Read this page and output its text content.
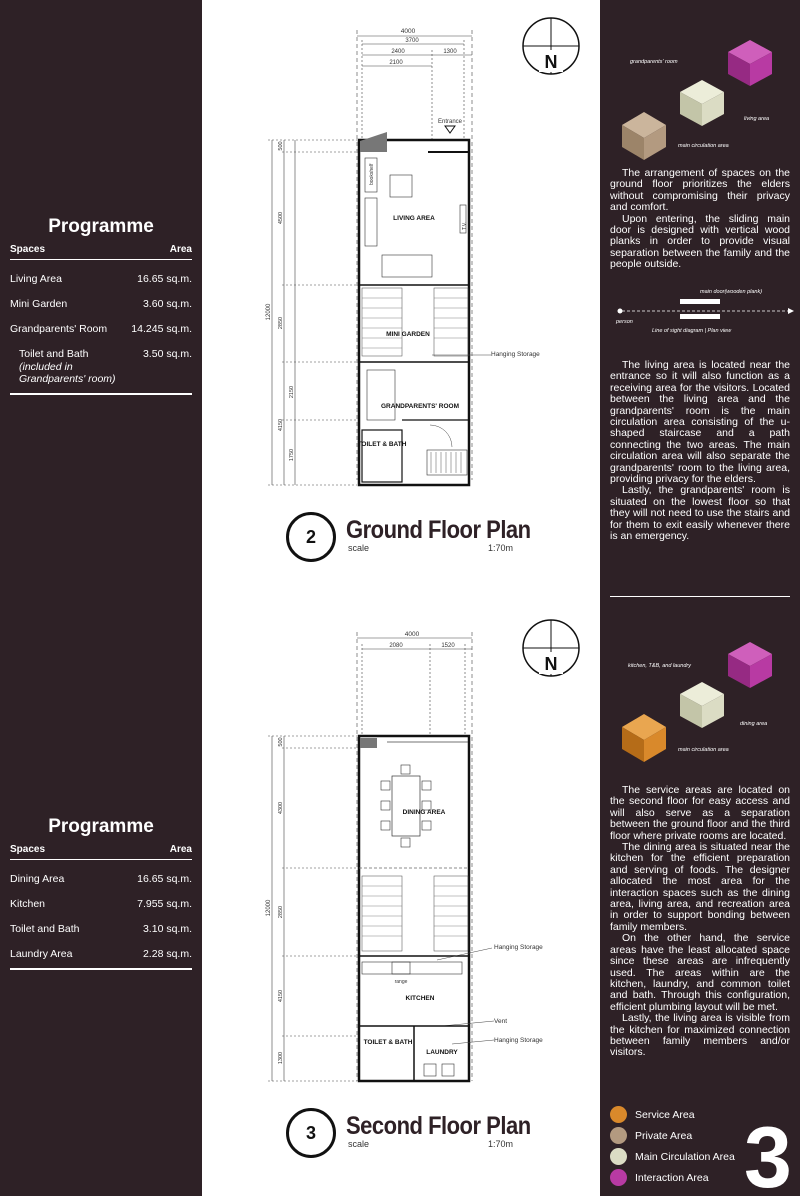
Programme
Spaces	Area
Living Area	16.65 sq.m.
Mini Garden	3.60 sq.m.
Grandparents' Room 14.245 sq.m.
Toilet and Bath	3.50 sq.m.
(included in Grandparents' room)
Programme
Spaces	Area
Dining Area	16.65 sq.m.
Kitchen	7.955 sq.m.
Toilet and Bath	3.10 sq.m.
Laundry Area	2.28 sq.m.
4000
3700
2400	1300
2100
12000
500
4500
2850
2150
4150
1750
Entrance
bookshelf
T.V.
LIVING AREA
MINI GARDEN
GRANDPARENTS' ROOM
Hanging Storage
TOILET & BATH
N
4000
2080	1520
12000
500
4300
2850
4150
1300
DINING AREA
range
KITCHEN
Hanging Storage
Vent
Hanging Storage
TOILET & BATH
LAUNDRY
N
2	Ground Floor Plan
scale	1:70m
3	Second Floor Plan
scale	1:70m
grandparents' room
main circulation area
living area
main door(wooden plank)
person
Line of sight diagram | Plan view
kitchen, T&B, and laundry
main circulation area
dining area

The arrangement of spaces on the ground floor prioritizes the elders without compromising their privacy and comfort.

Upon entering, the sliding main door is designed with vertical wood planks in order to provide visual separation between the family and the people outside.

The living area is located near the entrance so it will also function as a receiving area for the visitors. Located between the living area and the grandparents' room is the main circulation area consisting of the u-shaped staircase and a path connecting the two areas. The main circulation area will also separate the grandparents' room to the living area, providing privacy for the elders.

Lastly, the grandparents' room is situated on the lowest floor so that they will not need to use the stairs and for them to exit easily whenever there is an emergency.

The service areas are located on the second floor for easy access and will also serve as a separation between the ground floor and the third floor where private rooms are located.

The dining area is situated near the kitchen for the efficient preparation and serving of foods. The designer allocated the most area for the interaction spaces such as the dining area, living area, and recreation area in order to support bonding between family members.

On the other hand, the service areas have the least allocated space since these areas are infrequently used. The areas within are the kitchen, laundry, and common toilet and bath. Through this configuration, efficient plumbing layout will be met.

Lastly, the living area is visible from the kitchen for maximized connection between family members and/or visitors.

Service Area
Private Area
Main Circulation Area
Interaction Area 3
